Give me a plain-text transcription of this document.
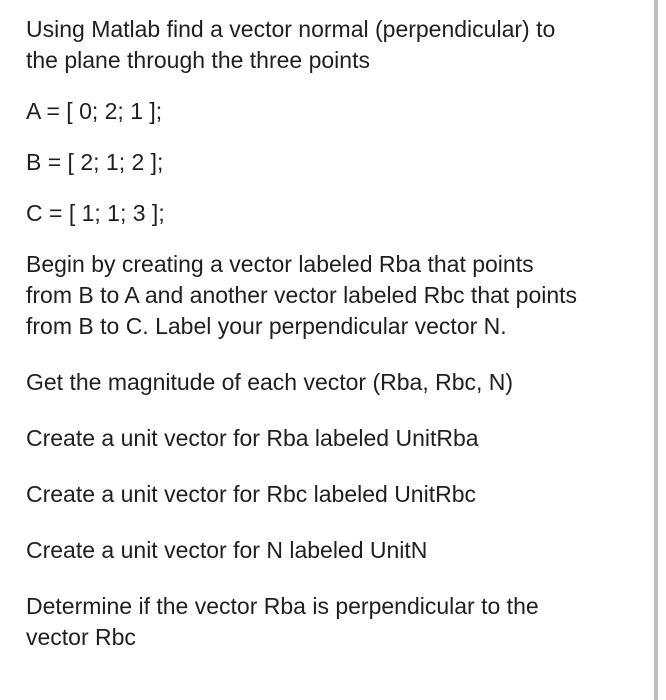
Using Matlab find a vector normal (perpendicular) to
the plane through the three points

A = [ 0; 2; 1 ];

B = [ 2; 1; 2 ];

C = [ 1; 1; 3 ];

Begin by creating a vector labeled Rba that points
from B to A and another vector labeled Rbc that points
from B to C. Label your perpendicular vector N.

Get the magnitude of each vector (Rba, Rbc, N)

Create a unit vector for Rba labeled UnitRba

Create a unit vector for Rbc labeled UnitRbc

Create a unit vector for N labeled UnitN

Determine if the vector Rba is perpendicular to the
vector Rbc
